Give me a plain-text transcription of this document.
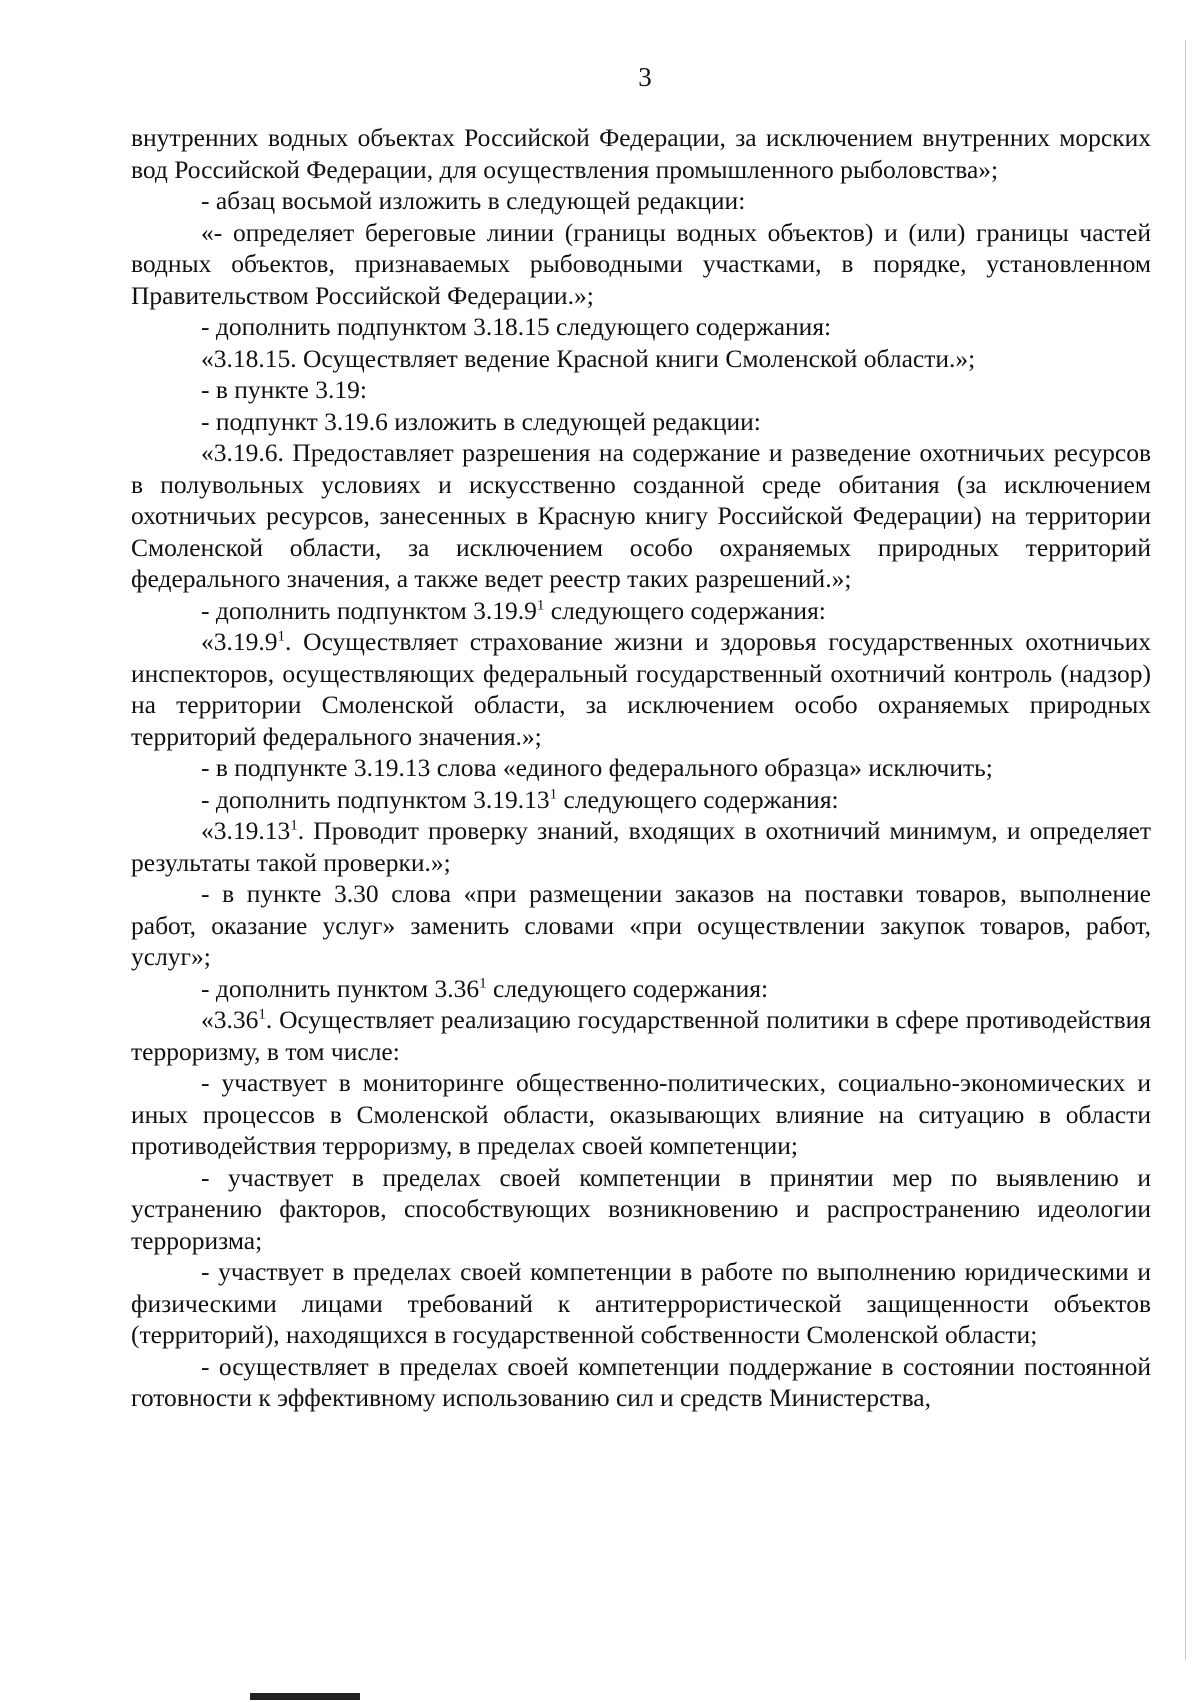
3

внутренних водных объектах Российской Федерации, за исключением внутренних морских вод Российской Федерации, для осуществления промышленного рыболовства»;

- абзац восьмой изложить в следующей редакции:

«- определяет береговые линии (границы водных объектов) и (или) границы частей водных объектов, признаваемых рыбоводными участками, в порядке, установленном Правительством Российской Федерации.»;

- дополнить подпунктом 3.18.15 следующего содержания:

«3.18.15. Осуществляет ведение Красной книги Смоленской области.»;

- в пункте 3.19:

- подпункт 3.19.6 изложить в следующей редакции:

«3.19.6. Предоставляет разрешения на содержание и разведение охотничьих ресурсов в полувольных условиях и искусственно созданной среде обитания (за исключением охотничьих ресурсов, занесенных в Красную книгу Российской Федерации) на территории Смоленской области, за исключением особо охраняемых природных территорий федерального значения, а также ведет реестр таких разрешений.»;

- дополнить подпунктом 3.19.9$^1$ следующего содержания:

«3.19.9$^1$. Осуществляет страхование жизни и здоровья государственных охотничьих инспекторов, осуществляющих федеральный государственный охотничий контроль (надзор) на территории Смоленской области, за исключением особо охраняемых природных территорий федерального значения.»;

- в подпункте 3.19.13 слова «единого федерального образца» исключить;

- дополнить подпунктом 3.19.13$^1$ следующего содержания:

«3.19.13$^1$. Проводит проверку знаний, входящих в охотничий минимум, и определяет результаты такой проверки.»;

- в пункте 3.30 слова «при размещении заказов на поставки товаров, выполнение работ, оказание услуг» заменить словами «при осуществлении закупок товаров, работ, услуг»;

- дополнить пунктом 3.36$^1$ следующего содержания:

«3.36$^1$. Осуществляет реализацию государственной политики в сфере противодействия терроризму, в том числе:

- участвует в мониторинге общественно-политических, социально-экономических и иных процессов в Смоленской области, оказывающих влияние на ситуацию в области противодействия терроризму, в пределах своей компетенции;

- участвует в пределах своей компетенции в принятии мер по выявлению и устранению факторов, способствующих возникновению и распространению идеологии терроризма;

- участвует в пределах своей компетенции в работе по выполнению юридическими и физическими лицами требований к антитеррористической защищенности объектов (территорий), находящихся в государственной собственности Смоленской области;

- осуществляет в пределах своей компетенции поддержание в состоянии постоянной готовности к эффективному использованию сил и средств Министерства,
